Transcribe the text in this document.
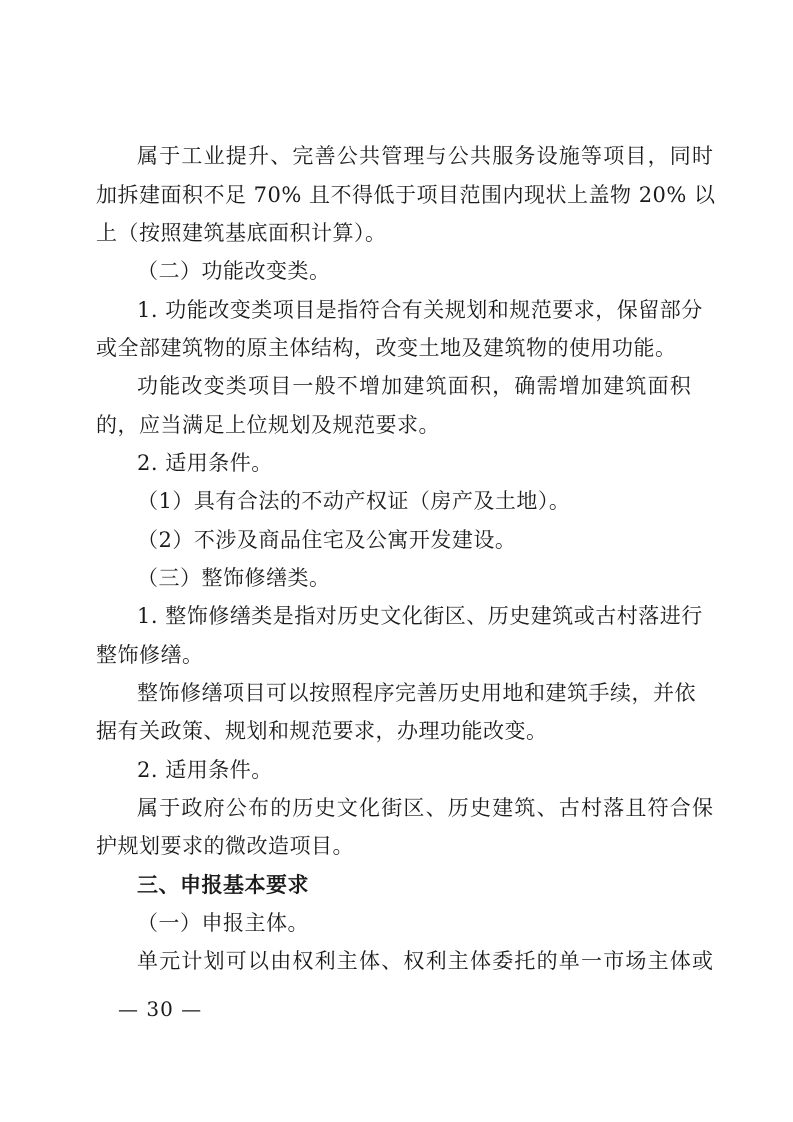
属于工业提升、完善公共管理与公共服务设施等项目，同时
加拆建面积不足 70% 且不得低于项目范围内现状上盖物 20% 以
上（按照建筑基底面积计算）。
（二）功能改变类。
1. 功能改变类项目是指符合有关规划和规范要求，保留部分
或全部建筑物的原主体结构，改变土地及建筑物的使用功能。
功能改变类项目一般不增加建筑面积，确需增加建筑面积
的，应当满足上位规划及规范要求。
2. 适用条件。
（1）具有合法的不动产权证（房产及土地）。
（2）不涉及商品住宅及公寓开发建设。
（三）整饰修缮类。
1. 整饰修缮类是指对历史文化街区、历史建筑或古村落进行
整饰修缮。
整饰修缮项目可以按照程序完善历史用地和建筑手续，并依
据有关政策、规划和规范要求，办理功能改变。
2. 适用条件。
属于政府公布的历史文化街区、历史建筑、古村落且符合保
护规划要求的微改造项目。
三、申报基本要求
（一）申报主体。
单元计划可以由权利主体、权利主体委托的单一市场主体或
— 30 —
